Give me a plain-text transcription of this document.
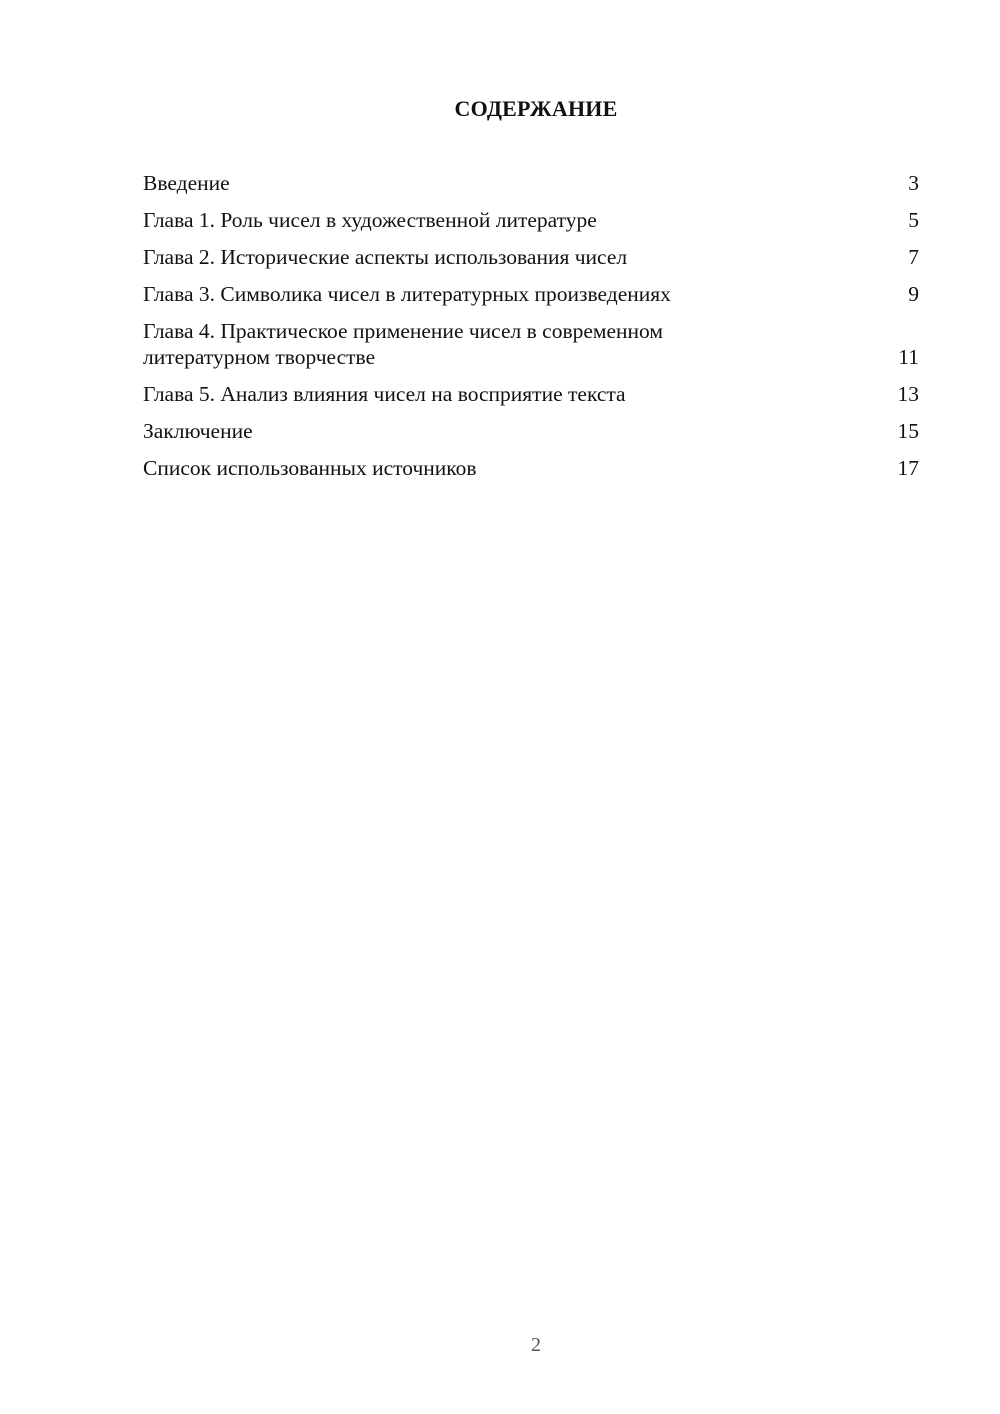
СОДЕРЖАНИЕ
Введение	3
Глава 1. Роль чисел в художественной литературе	5
Глава 2. Исторические аспекты использования чисел	7
Глава 3. Символика чисел в литературных произведениях	9
Глава 4. Практическое применение чисел в современном
литературном творчестве	11
Глава 5. Анализ влияния чисел на восприятие текста	13
Заключение	15
Список использованных источников	17
2
